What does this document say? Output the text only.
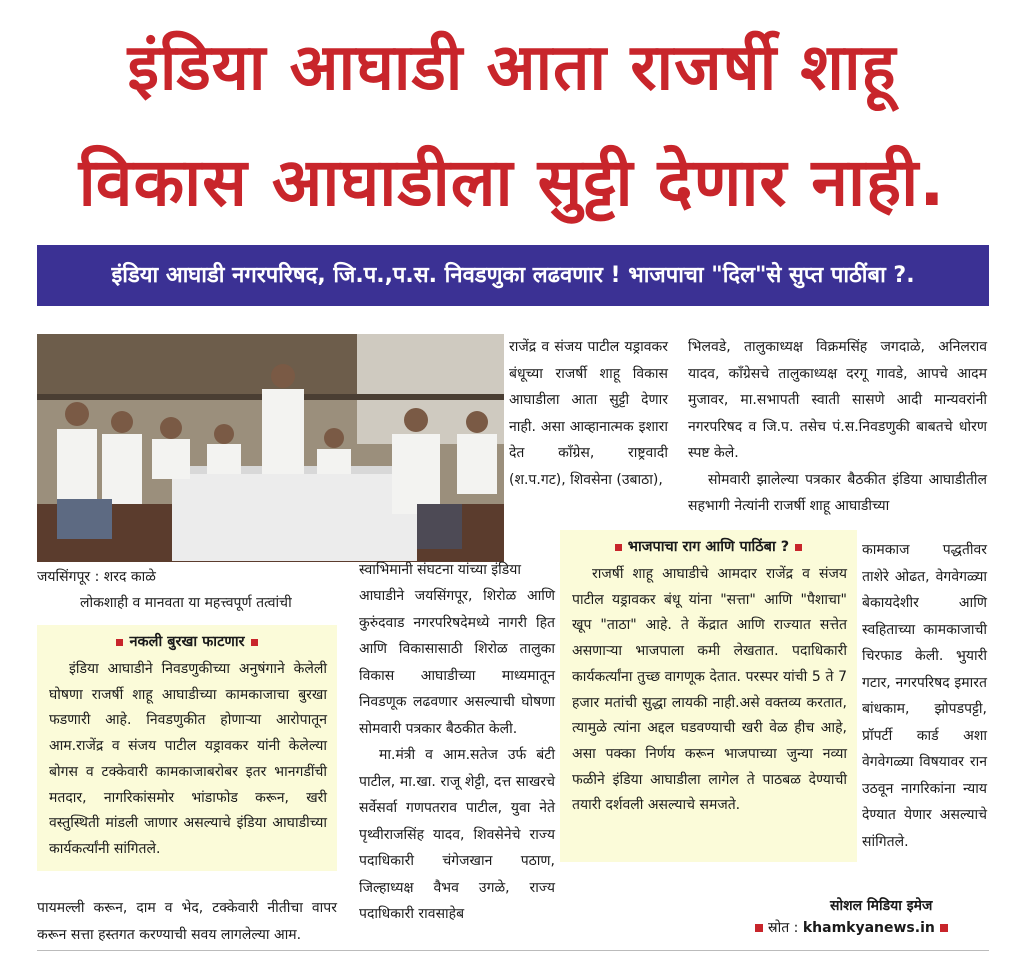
इंडिया आघाडी आता राजर्षी शाहू
विकास आघाडीला सुट्टी देणार नाही.
इंडिया आघाडी नगरपरिषद, जि.प.,प.स. निवडणुका लढवणार ! भाजपाचा "दिल"से सुप्त पाठींबा ?.
जयसिंगपूर : शरद काळे
लोकशाही व मानवता या महत्त्वपूर्ण तत्वांची
नकली बुरखा फाटणार

इंडिया आघाडीने निवडणुकीच्या अनुषंगाने केलेली घोषणा राजर्षी शाहू आघाडीच्या कामकाजाचा बुरखा फडणारी आहे. निवडणुकीत होणाऱ्या आरोपातून आम.राजेंद्र व संजय पाटील यड्रावकर यांनी केलेल्या बोगस व टक्केवारी कामकाजाबरोबर इतर भानगडींची मतदार, नागरिकांसमोर भांडाफोड करून, खरी वस्तुस्थिती मांडली जाणार असल्याचे इंडिया आघाडीच्या कार्यकर्त्यांनी सांगितले.

पायमल्ली करून, दाम व भेद, टक्केवारी नीतीचा वापर करून सत्ता हस्तगत करण्याची सवय लागलेल्या आम.
राजेंद्र व संजय पाटील यड्रावकर बंधूच्या राजर्षी शाहू विकास आघाडीला आता सुट्टी देणार नाही. असा आव्हानात्मक इशारा देत काँग्रेस, राष्ट्रवादी (श.प.गट), शिवसेना (उबाठा),
स्वाभिमानी संघटना यांच्या इंडिया
आघाडीने जयसिंगपूर, शिरोळ आणि कुरुंदवाड नगरपरिषदेमध्ये नागरी हित आणि विकासासाठी शिरोळ तालुका विकास आघाडीच्या माध्यमातून निवडणूक लढवणार असल्याची घोषणा सोमवारी पत्रकार बैठकीत केली.

मा.मंत्री व आम.सतेज उर्फ बंटी पाटील, मा.खा. राजू शेट्टी, दत्त साखरचे सर्वेसर्वा गणपतराव पाटील, युवा नेते पृथ्वीराजसिंह यादव, शिवसेनेचे राज्य पदाधिकारी चंगेजखान पठाण, जिल्हाध्यक्ष वैभव उगळे, राज्य पदाधिकारी रावसाहेब

भिलवडे, तालुकाध्यक्ष विक्रमसिंह जगदाळे, अनिलराव यादव, काँग्रेसचे तालुकाध्यक्ष दरगू गावडे, आपचे आदम मुजावर, मा.सभापती स्वाती सासणे आदी मान्यवरांनी नगरपरिषद व जि.प. तसेच पं.स.निवडणुकी बाबतचे धोरण स्पष्ट केले.

सोमवारी झालेल्या पत्रकार बैठकीत इंडिया आघाडीतील सहभागी नेत्यांनी राजर्षी शाहू आघाडीच्या

भाजपाचा राग आणि पाठिंबा ?

राजर्षी शाहू आघाडीचे आमदार राजेंद्र व संजय पाटील यड्रावकर बंधू यांना "सत्ता" आणि "पैशाचा" खूप "ताठा" आहे. ते केंद्रात आणि राज्यात सत्तेत असणाऱ्या भाजपाला कमी लेखतात. पदाधिकारी कार्यकर्त्यांना तुच्छ वागणूक देतात. परस्पर यांची 5 ते 7 हजार मतांची सुद्धा लायकी नाही.असे वक्तव्य करतात, त्यामुळे त्यांना अद्दल घडवण्याची खरी वेळ हीच आहे, असा पक्का निर्णय करून भाजपाच्या जुन्या नव्या फळीने इंडिया आघाडीला लागेल ते पाठबळ देण्याची तयारी दर्शवली असल्याचे समजते.

कामकाज पद्धतीवर ताशेरे ओढत, वेगवेगळ्या बेकायदेशीर आणि स्वहिताच्या कामकाजाची चिरफाड केली. भुयारी गटार, नगरपरिषद इमारत बांधकाम, झोपडपट्टी, प्रॉपर्टी कार्ड अशा वेगवेगळ्या विषयावर रान उठवून नागरिकांना न्याय देण्यात येणार असल्याचे सांगितले.
सोशल मिडिया इमेज
स्रोत : khamkyanews.in
